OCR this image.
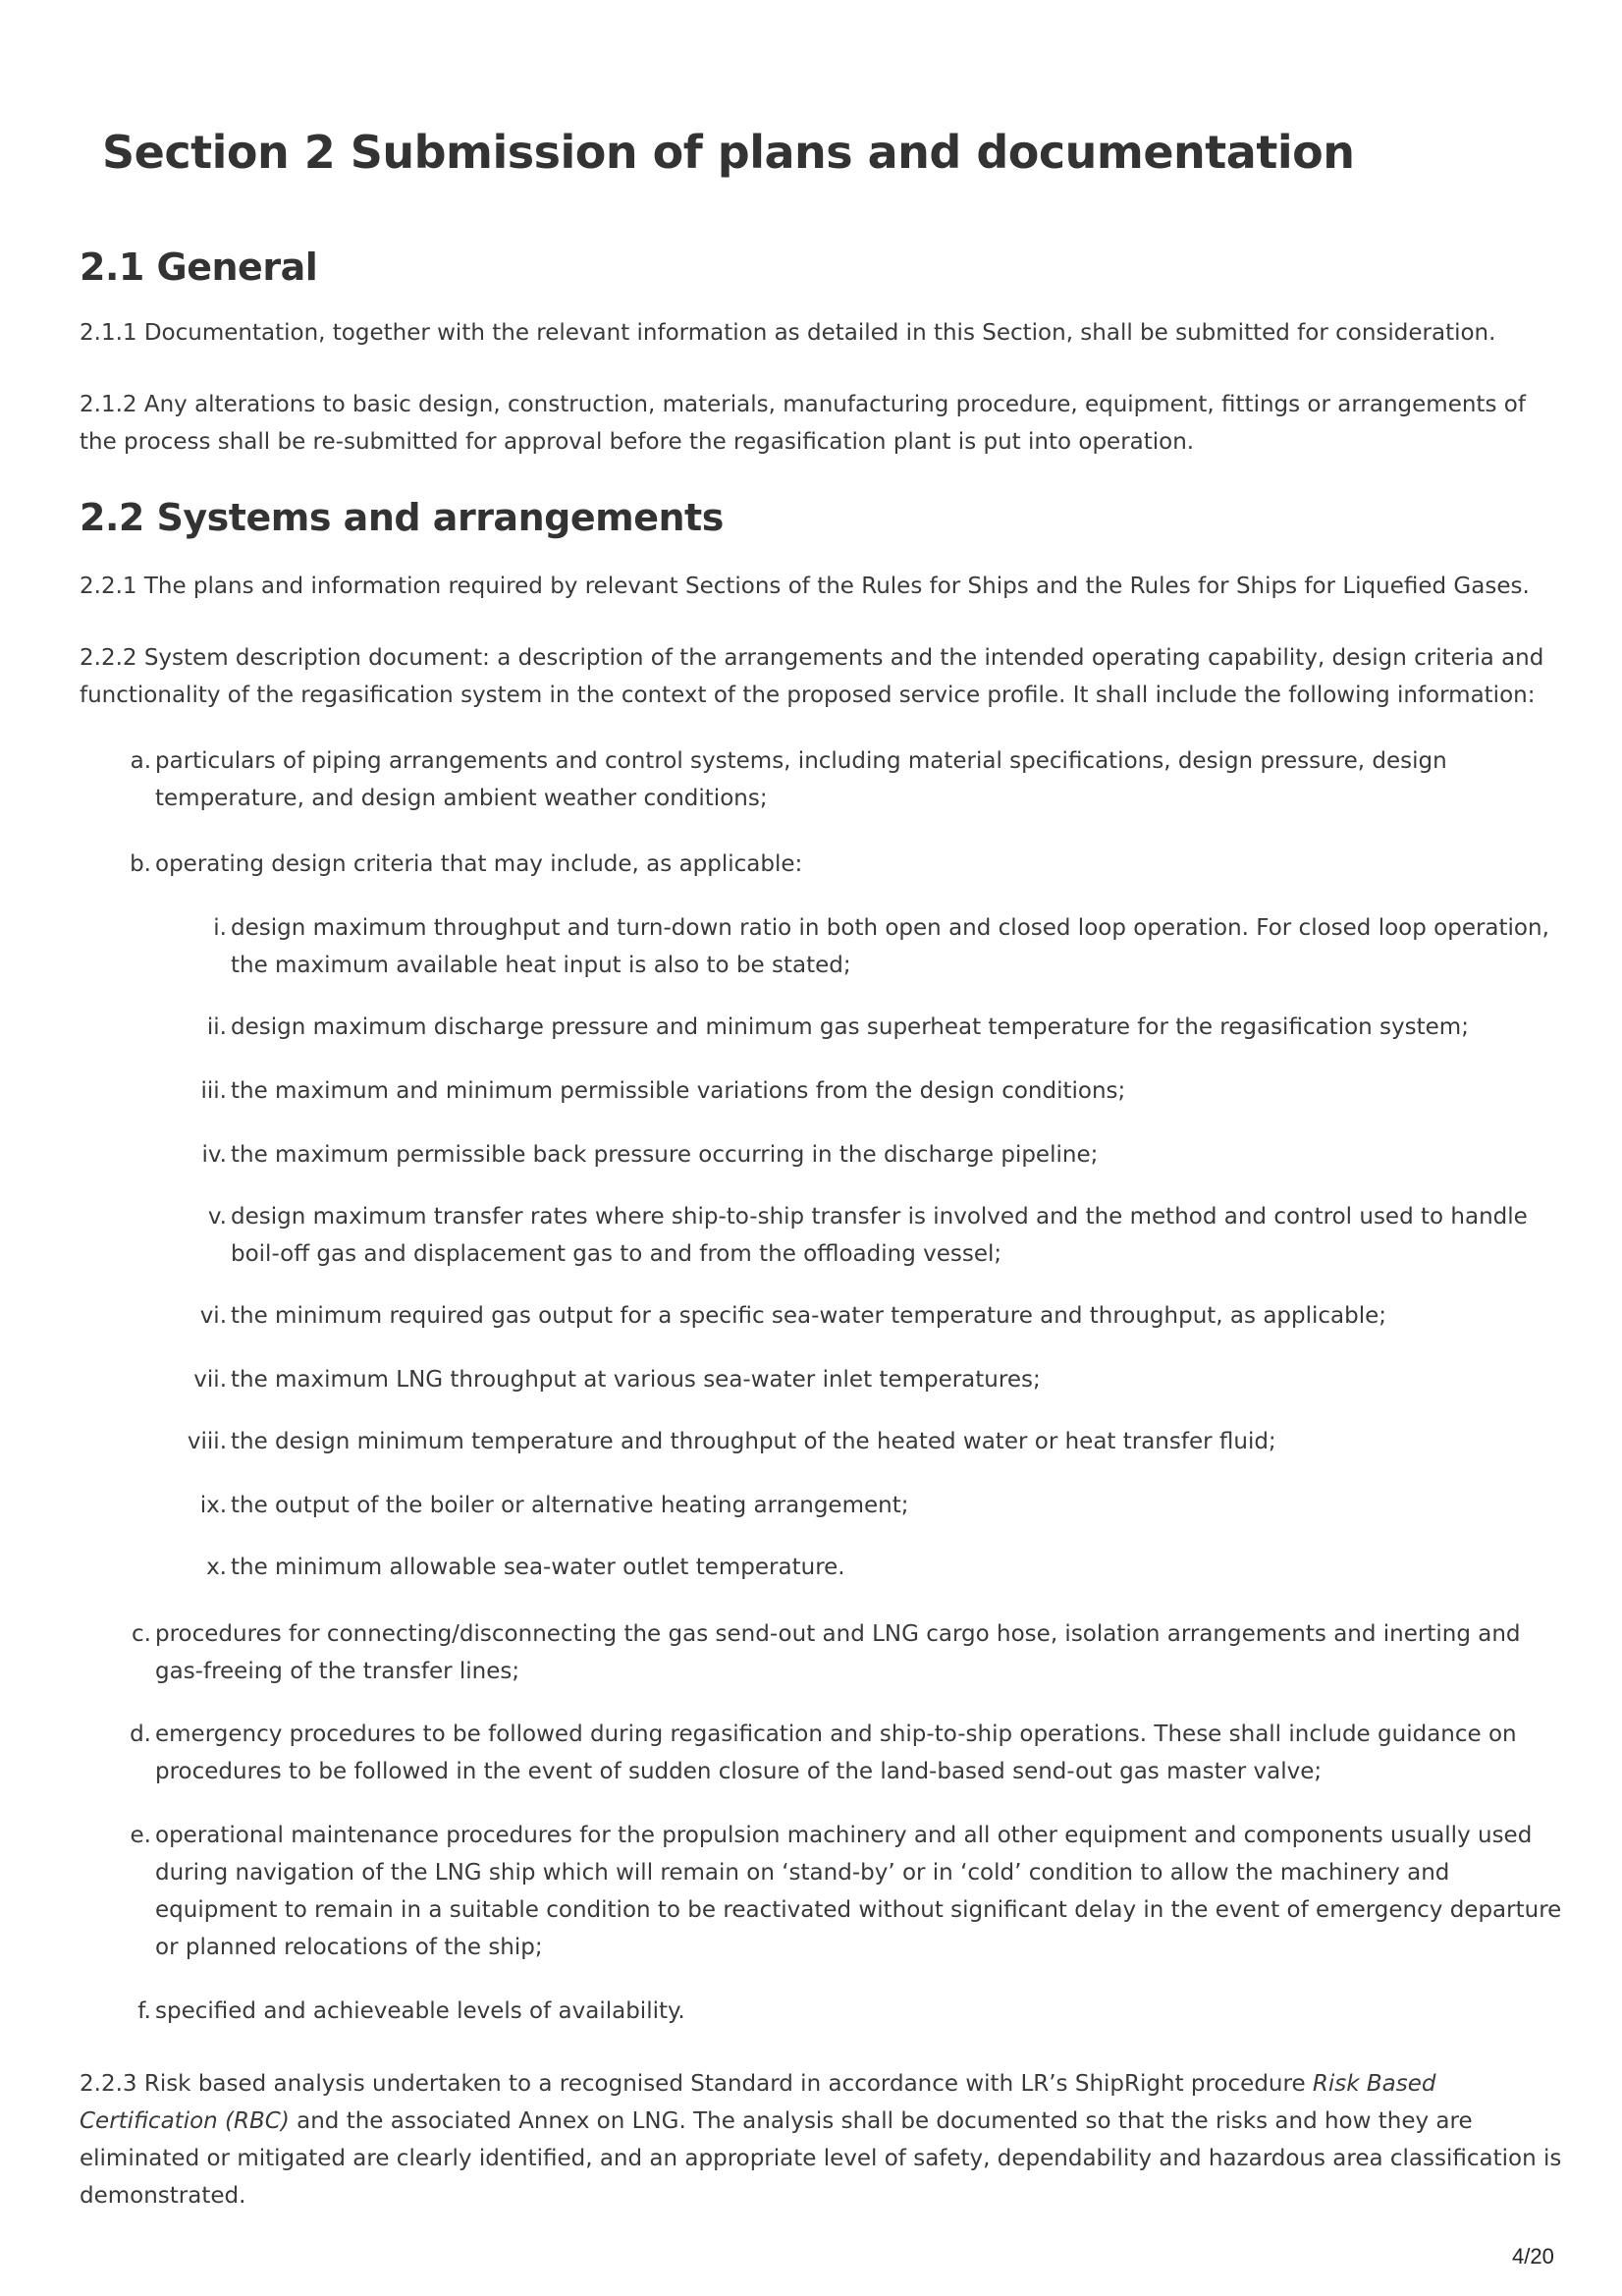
Section 2 Submission of plans and documentation
2.1 General

2.1.1 Documentation, together with the relevant information as detailed in this Section, shall be submitted for consideration.

2.1.2 Any alterations to basic design, construction, materials, manufacturing procedure, equipment, fittings or arrangements of the process shall be re-submitted for approval before the regasification plant is put into operation.

2.2 Systems and arrangements

2.2.1 The plans and information required by relevant Sections of the Rules for Ships and the Rules for Ships for Liquefied Gases.

2.2.2 System description document: a description of the arrangements and the intended operating capability, design criteria and functionality of the regasification system in the context of the proposed service profile. It shall include the following information:

a. particulars of piping arrangements and control systems, including material specifications, design pressure, design temperature, and design ambient weather conditions;
b. operating design criteria that may include, as applicable:
i. design maximum throughput and turn-down ratio in both open and closed loop operation. For closed loop operation, the maximum available heat input is also to be stated;
ii. design maximum discharge pressure and minimum gas superheat temperature for the regasification system;
iii. the maximum and minimum permissible variations from the design conditions;
iv. the maximum permissible back pressure occurring in the discharge pipeline;
v. design maximum transfer rates where ship-to-ship transfer is involved and the method and control used to handle boil-off gas and displacement gas to and from the offloading vessel;
vi. the minimum required gas output for a specific sea-water temperature and throughput, as applicable;
vii. the maximum LNG throughput at various sea-water inlet temperatures;
viii. the design minimum temperature and throughput of the heated water or heat transfer fluid;
ix. the output of the boiler or alternative heating arrangement;
x. the minimum allowable sea-water outlet temperature.
c. procedures for connecting/disconnecting the gas send-out and LNG cargo hose, isolation arrangements and inerting and gas-freeing of the transfer lines;
d. emergency procedures to be followed during regasification and ship-to-ship operations. These shall include guidance on procedures to be followed in the event of sudden closure of the land-based send-out gas master valve;
e. operational maintenance procedures for the propulsion machinery and all other equipment and components usually used during navigation of the LNG ship which will remain on ‘stand-by’ or in ‘cold’ condition to allow the machinery and equipment to remain in a suitable condition to be reactivated without significant delay in the event of emergency departure or planned relocations of the ship;
f. specified and achieveable levels of availability.

2.2.3 Risk based analysis undertaken to a recognised Standard in accordance with LR’s ShipRight procedure Risk Based Certification (RBC) and the associated Annex on LNG. The analysis shall be documented so that the risks and how they are eliminated or mitigated are clearly identified, and an appropriate level of safety, dependability and hazardous area classification is demonstrated.

4/20
